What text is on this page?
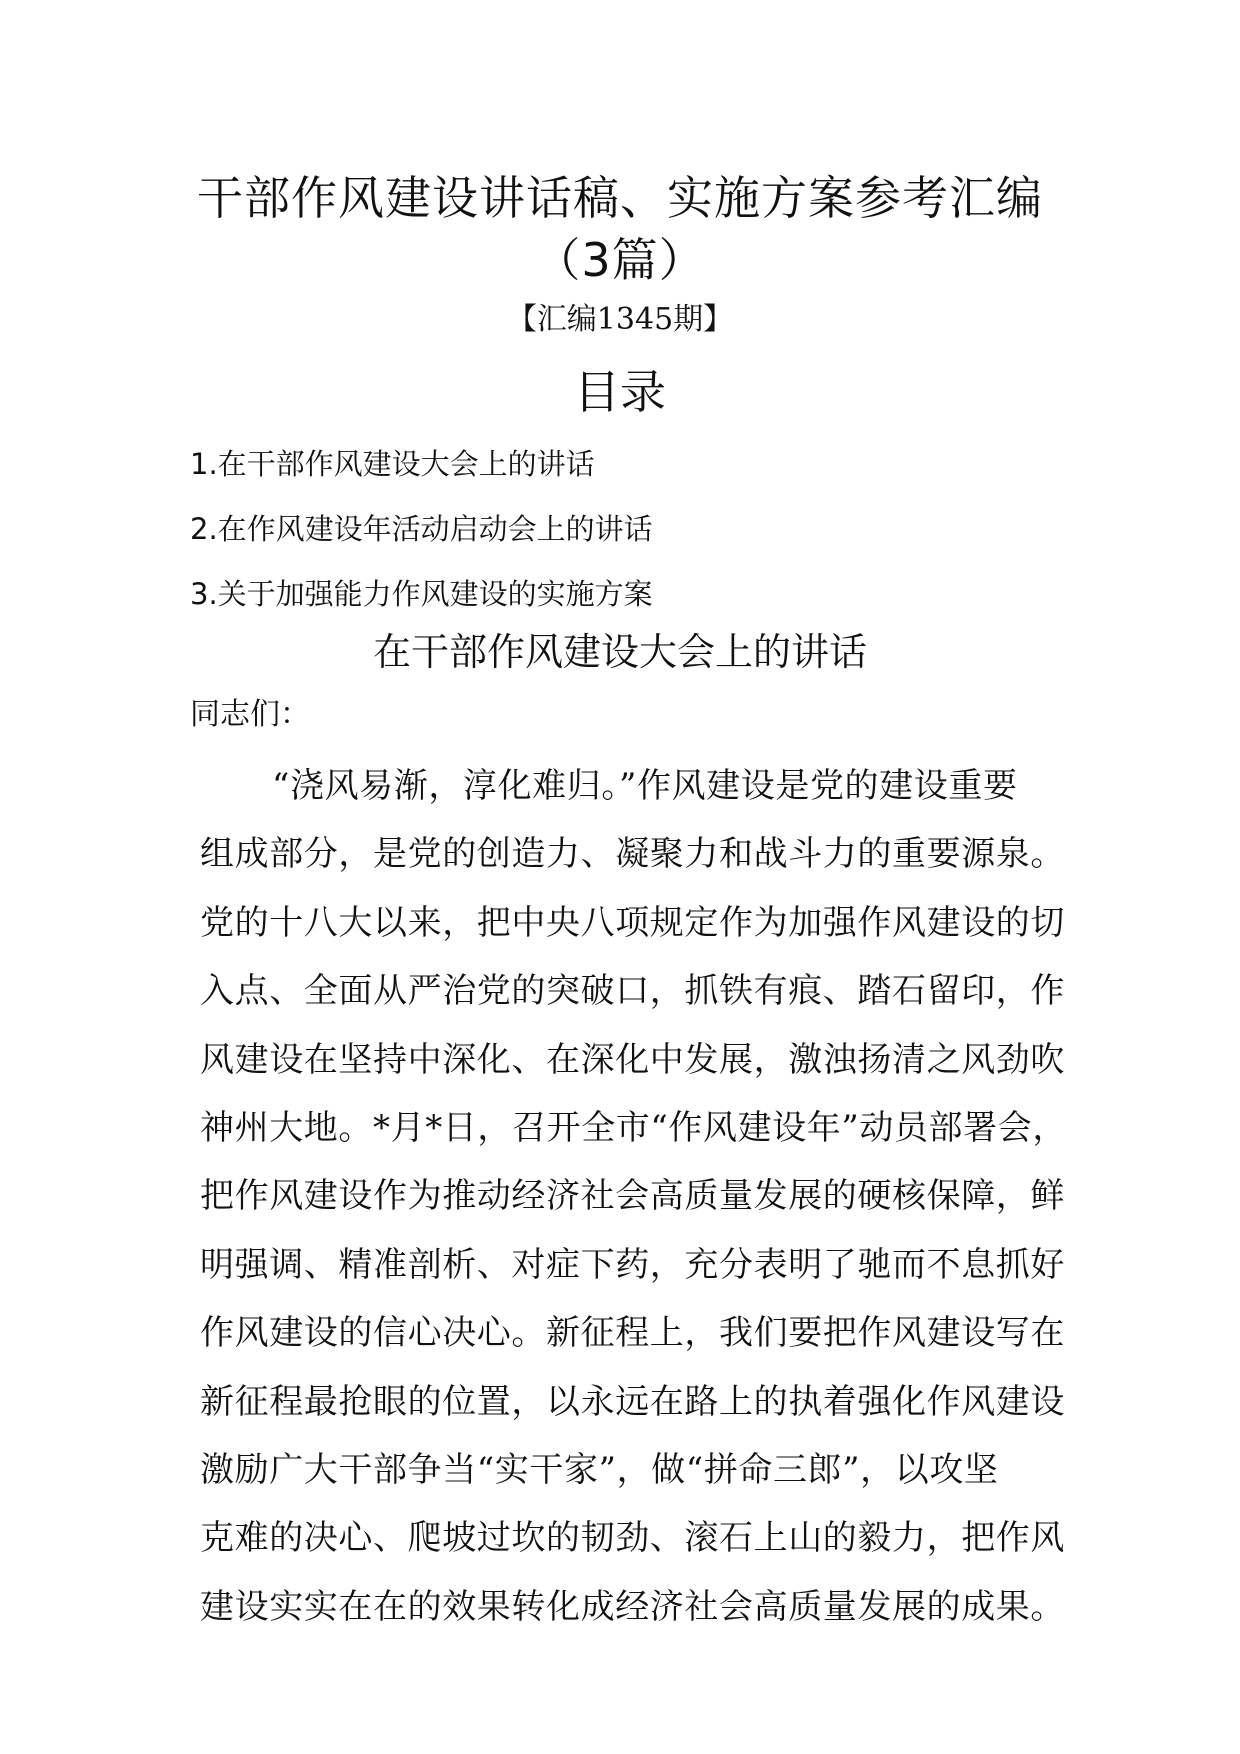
干部作风建设讲话稿、实施方案参考汇编
（3篇）
【汇编1345期】
目录
1.在干部作风建设大会上的讲话
2.在作风建设年活动启动会上的讲话
3.关于加强能力作风建设的实施方案
在干部作风建设大会上的讲话
同志们：
“浇风易渐，淳化难归。”作风建设是党的建设重要
组成部分，是党的创造力、凝聚力和战斗力的重要源泉。
党的十八大以来，把中央八项规定作为加强作风建设的切
入点、全面从严治党的突破口，抓铁有痕、踏石留印，作
风建设在坚持中深化、在深化中发展，激浊扬清之风劲吹
神州大地。*月*日，召开全市“作风建设年”动员部署会，
把作风建设作为推动经济社会高质量发展的硬核保障，鲜
明强调、精准剖析、对症下药，充分表明了驰而不息抓好
作风建设的信心决心。新征程上，我们要把作风建设写在
新征程最抢眼的位置，以永远在路上的执着强化作风建设
激励广大干部争当“实干家”，做“拼命三郎”，以攻坚
克难的决心、爬坡过坎的韧劲、滚石上山的毅力，把作风
建设实实在在的效果转化成经济社会高质量发展的成果。
